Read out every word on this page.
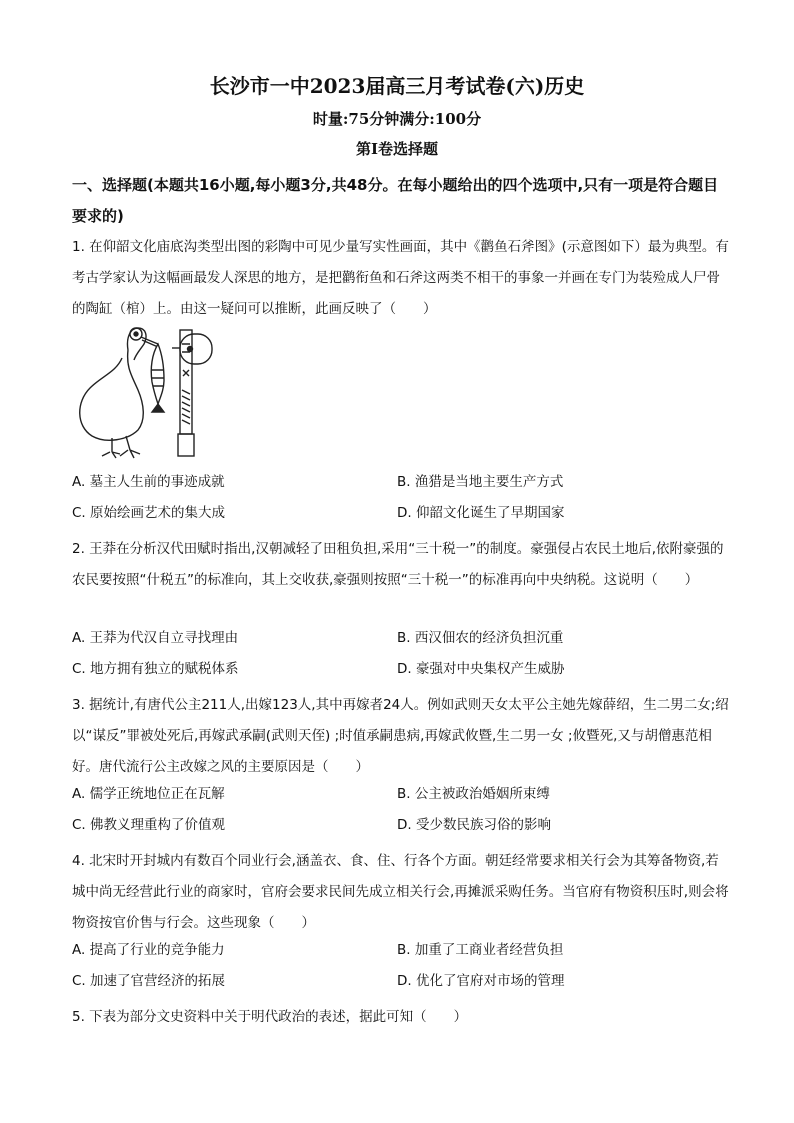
长沙市一中2023届高三月考试卷(六)历史
时量:75分钟满分:100分
第I卷选择题
一、选择题(本题共16小题,每小题3分,共48分。在每小题给出的四个选项中,只有一项是符合题目要求的)
1. 在仰韶文化庙底沟类型出图的彩陶中可见少量写实性画面，其中《鹳鱼石斧图》(示意图如下）最为典型。有考古学家认为这幅画最发人深思的地方，是把鹳衔鱼和石斧这两类不相干的事象一并画在专门为装殓成人尸骨的陶缸（棺）上。由这一疑问可以推断，此画反映了（　　）
A. 墓主人生前的事迹成就	B. 渔猎是当地主要生产方式
C. 原始绘画艺术的集大成	D. 仰韶文化诞生了早期国家
2. 王莽在分析汉代田赋时指出,汉朝减轻了田租负担,采用“三十税一”的制度。豪强侵占农民土地后,依附豪强的农民要按照“什税五”的标准向，其上交收获,豪强则按照“三十税一”的标准再向中央纳税。这说明（　　）
A. 王莽为代汉自立寻找理由	B. 西汉佃农的经济负担沉重
C. 地方拥有独立的赋税体系	D. 豪强对中央集权产生威胁
3. 据统计,有唐代公主211人,出嫁123人,其中再嫁者24人。例如武则天女太平公主她先嫁薛绍，生二男二女;绍以“谋反”罪被处死后,再嫁武承嗣(武则天侄) ;时值承嗣患病,再嫁武攸暨,生二男一女 ;攸暨死,又与胡僧惠范相好。唐代流行公主改嫁之风的主要原因是（　　）
A. 儒学正统地位正在瓦解	B. 公主被政治婚姻所束缚
C. 佛教义理重构了价值观	D. 受少数民族习俗的影响
4. 北宋时开封城内有数百个同业行会,涵盖衣、食、住、行各个方面。朝廷经常要求相关行会为其筹备物资,若城中尚无经营此行业的商家时，官府会要求民间先成立相关行会,再摊派采购任务。当官府有物资积压时,则会将物资按官价售与行会。这些现象（　　）
A. 提高了行业的竞争能力	B. 加重了工商业者经营负担
C. 加速了官营经济的拓展	D. 优化了官府对市场的管理
5. 下表为部分文史资料中关于明代政治的表述，据此可知（　　）
